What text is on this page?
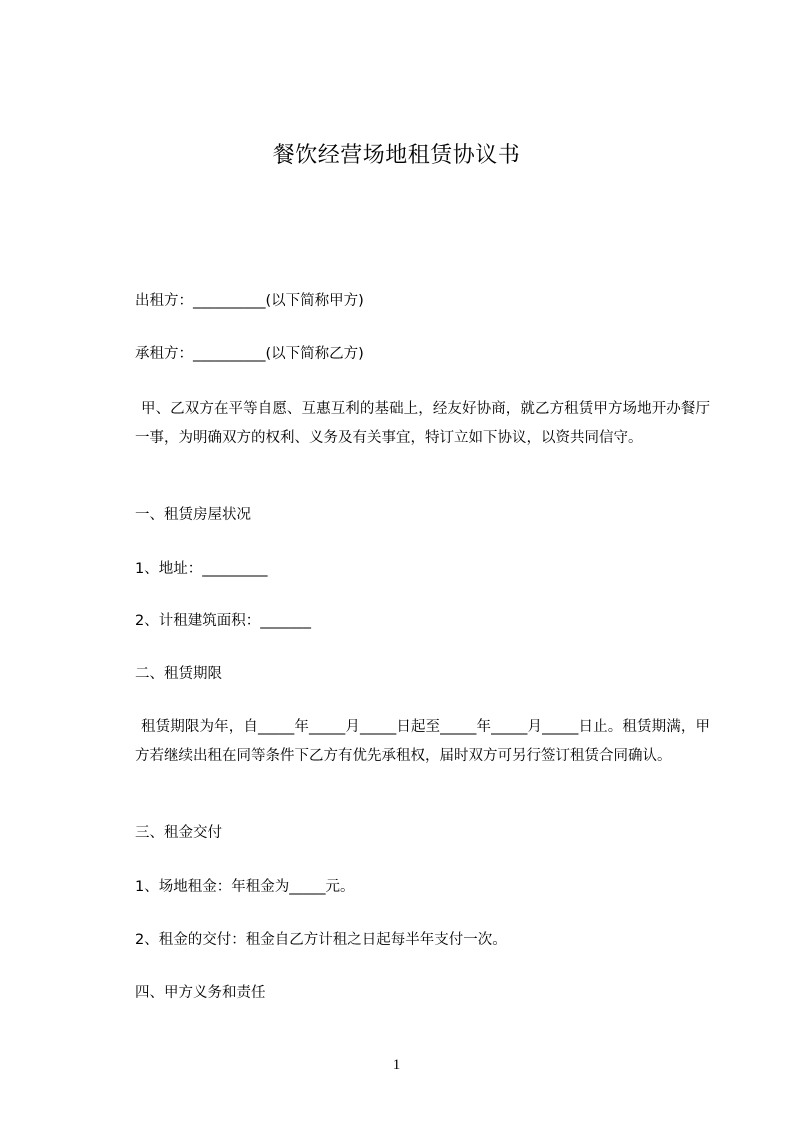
餐饮经营场地租赁协议书
出租方：__________(以下简称甲方)
承租方：__________(以下简称乙方)
甲、乙双方在平等自愿、互惠互利的基础上，经友好协商，就乙方租赁甲方场地开办餐厅一事，为明确双方的权利、义务及有关事宜，特订立如下协议，以资共同信守。
一、租赁房屋状况
1、地址：_________
2、计租建筑面积：_______
二、租赁期限
租赁期限为年，自_____年_____月_____日起至_____年_____月_____日止。租赁期满，甲方若继续出租在同等条件下乙方有优先承租权，届时双方可另行签订租赁合同确认。
三、租金交付
1、场地租金：年租金为_____元。
2、租金的交付：租金自乙方计租之日起每半年支付一次。
四、甲方义务和责任
1
